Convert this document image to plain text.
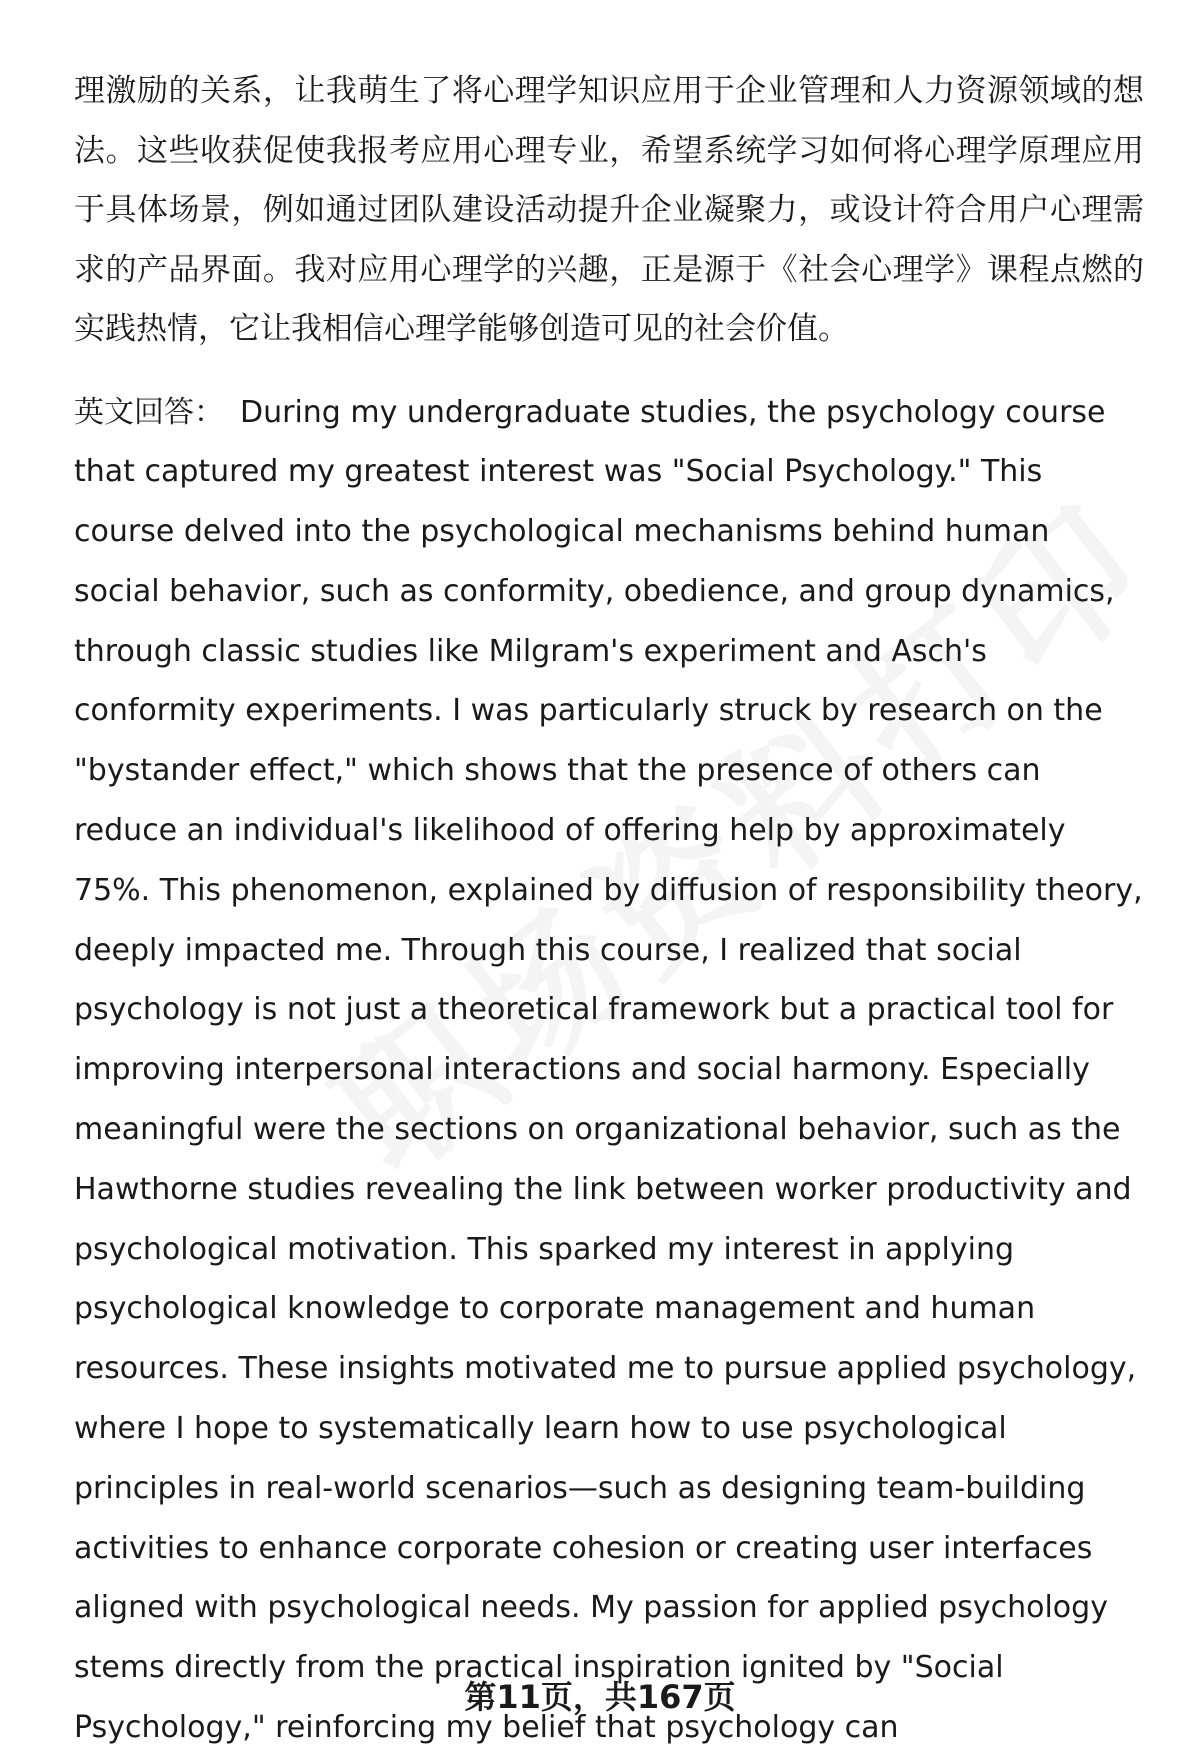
理激励的关系，让我萌生了将心理学知识应用于企业管理和人力资源领域的想法。这些收获促使我报考应用心理专业，希望系统学习如何将心理学原理应用于具体场景，例如通过团队建设活动提升企业凝聚力，或设计符合用户心理需求的产品界面。我对应用心理学的兴趣，正是源于《社会心理学》课程点燃的实践热情，它让我相信心理学能够创造可见的社会价值。

英文回答： During my undergraduate studies, the psychology course that captured my greatest interest was "Social Psychology." This course delved into the psychological mechanisms behind human social behavior, such as conformity, obedience, and group dynamics, through classic studies like Milgram's experiment and Asch's conformity experiments. I was particularly struck by research on the "bystander effect," which shows that the presence of others can reduce an individual's likelihood of offering help by approximately 75%. This phenomenon, explained by diffusion of responsibility theory, deeply impacted me. Through this course, I realized that social psychology is not just a theoretical framework but a practical tool for improving interpersonal interactions and social harmony. Especially meaningful were the sections on organizational behavior, such as the Hawthorne studies revealing the link between worker productivity and psychological motivation. This sparked my interest in applying psychological knowledge to corporate management and human resources. These insights motivated me to pursue applied psychology, where I hope to systematically learn how to use psychological principles in real-world scenarios—such as designing team-building activities to enhance corporate cohesion or creating user interfaces aligned with psychological needs. My passion for applied psychology stems directly from the practical inspiration ignited by "Social Psychology," reinforcing my belief that psychology can

第11页，共167页
